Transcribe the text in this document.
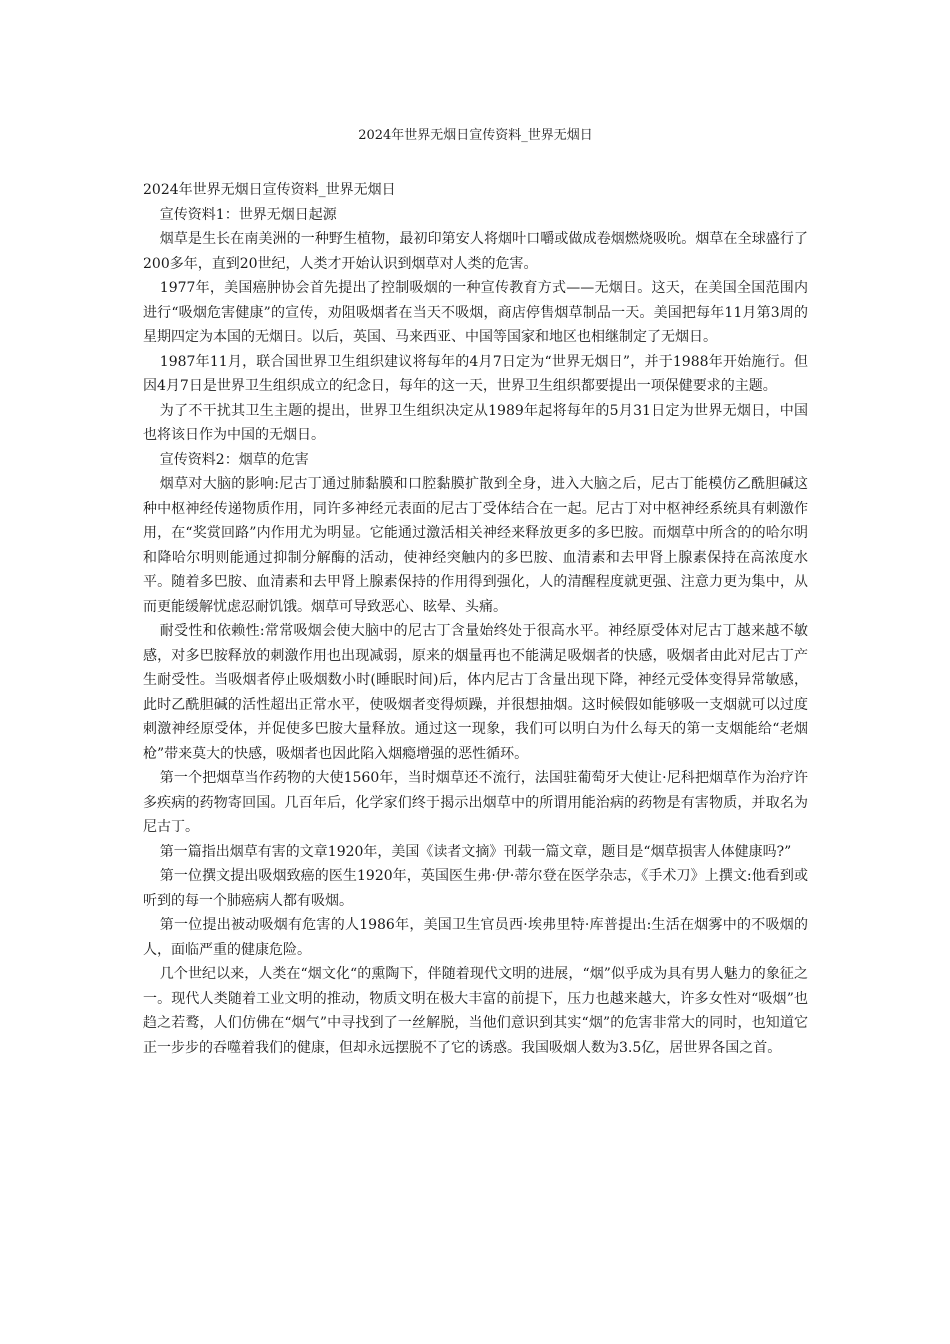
2024年世界无烟日宣传资料_世界无烟日

2024年世界无烟日宣传资料_世界无烟日

宣传资料1：世界无烟日起源

烟草是生长在南美洲的一种野生植物，最初印第安人将烟叶口嚼或做成卷烟燃烧吸吮。烟草在全球盛行了200多年，直到20世纪，人类才开始认识到烟草对人类的危害。

1977年，美国癌肿协会首先提出了控制吸烟的一种宣传教育方式——无烟日。这天，在美国全国范围内进行“吸烟危害健康”的宣传，劝阻吸烟者在当天不吸烟，商店停售烟草制品一天。美国把每年11月第3周的星期四定为本国的无烟日。以后，英国、马来西亚、中国等国家和地区也相继制定了无烟日。

1987年11月，联合国世界卫生组织建议将每年的4月7日定为“世界无烟日”，并于1988年开始施行。但因4月7日是世界卫生组织成立的纪念日，每年的这一天，世界卫生组织都要提出一项保健要求的主题。

为了不干扰其卫生主题的提出，世界卫生组织决定从1989年起将每年的5月31日定为世界无烟日，中国也将该日作为中国的无烟日。

宣传资料2：烟草的危害

烟草对大脑的影响:尼古丁通过肺黏膜和口腔黏膜扩散到全身，进入大脑之后，尼古丁能模仿乙酰胆碱这种中枢神经传递物质作用，同许多神经元表面的尼古丁受体结合在一起。尼古丁对中枢神经系统具有刺激作用，在“奖赏回路”内作用尤为明显。它能通过激活相关神经来释放更多的多巴胺。而烟草中所含的的哈尔明和降哈尔明则能通过抑制分解酶的活动，使神经突触内的多巴胺、血清素和去甲肾上腺素保持在高浓度水平。随着多巴胺、血清素和去甲肾上腺素保持的作用得到强化，人的清醒程度就更强、注意力更为集中，从而更能缓解忧虑忍耐饥饿。烟草可导致恶心、眩晕、头痛。

耐受性和依赖性:常常吸烟会使大脑中的尼古丁含量始终处于很高水平。神经原受体对尼古丁越来越不敏感，对多巴胺释放的刺激作用也出现减弱，原来的烟量再也不能满足吸烟者的快感，吸烟者由此对尼古丁产生耐受性。当吸烟者停止吸烟数小时(睡眠时间)后，体内尼古丁含量出现下降，神经元受体变得异常敏感，此时乙酰胆碱的活性超出正常水平，使吸烟者变得烦躁，并很想抽烟。这时候假如能够吸一支烟就可以过度刺激神经原受体，并促使多巴胺大量释放。通过这一现象，我们可以明白为什么每天的第一支烟能给“老烟枪”带来莫大的快感，吸烟者也因此陷入烟瘾增强的恶性循环。

第一个把烟草当作药物的大使1560年，当时烟草还不流行，法国驻葡萄牙大使让·尼科把烟草作为治疗许多疾病的药物寄回国。几百年后，化学家们终于揭示出烟草中的所谓用能治病的药物是有害物质，并取名为尼古丁。

第一篇指出烟草有害的文章1920年，美国《读者文摘》刊载一篇文章，题目是“烟草损害人体健康吗?”

第一位撰文提出吸烟致癌的医生1920年，英国医生弗·伊·蒂尔登在医学杂志，《手术刀》上撰文:他看到或听到的每一个肺癌病人都有吸烟。

第一位提出被动吸烟有危害的人1986年，美国卫生官员西·埃弗里特·库普提出:生活在烟雾中的不吸烟的人，面临严重的健康危险。

几个世纪以来，人类在“烟文化“的熏陶下，伴随着现代文明的进展，“烟”似乎成为具有男人魅力的象征之一。现代人类随着工业文明的推动，物质文明在极大丰富的前提下，压力也越来越大，许多女性对“吸烟”也趋之若鹜，人们仿佛在“烟气”中寻找到了一丝解脱，当他们意识到其实“烟”的危害非常大的同时，也知道它正一步步的吞噬着我们的健康，但却永远摆脱不了它的诱惑。我国吸烟人数为3.5亿，居世界各国之首。
